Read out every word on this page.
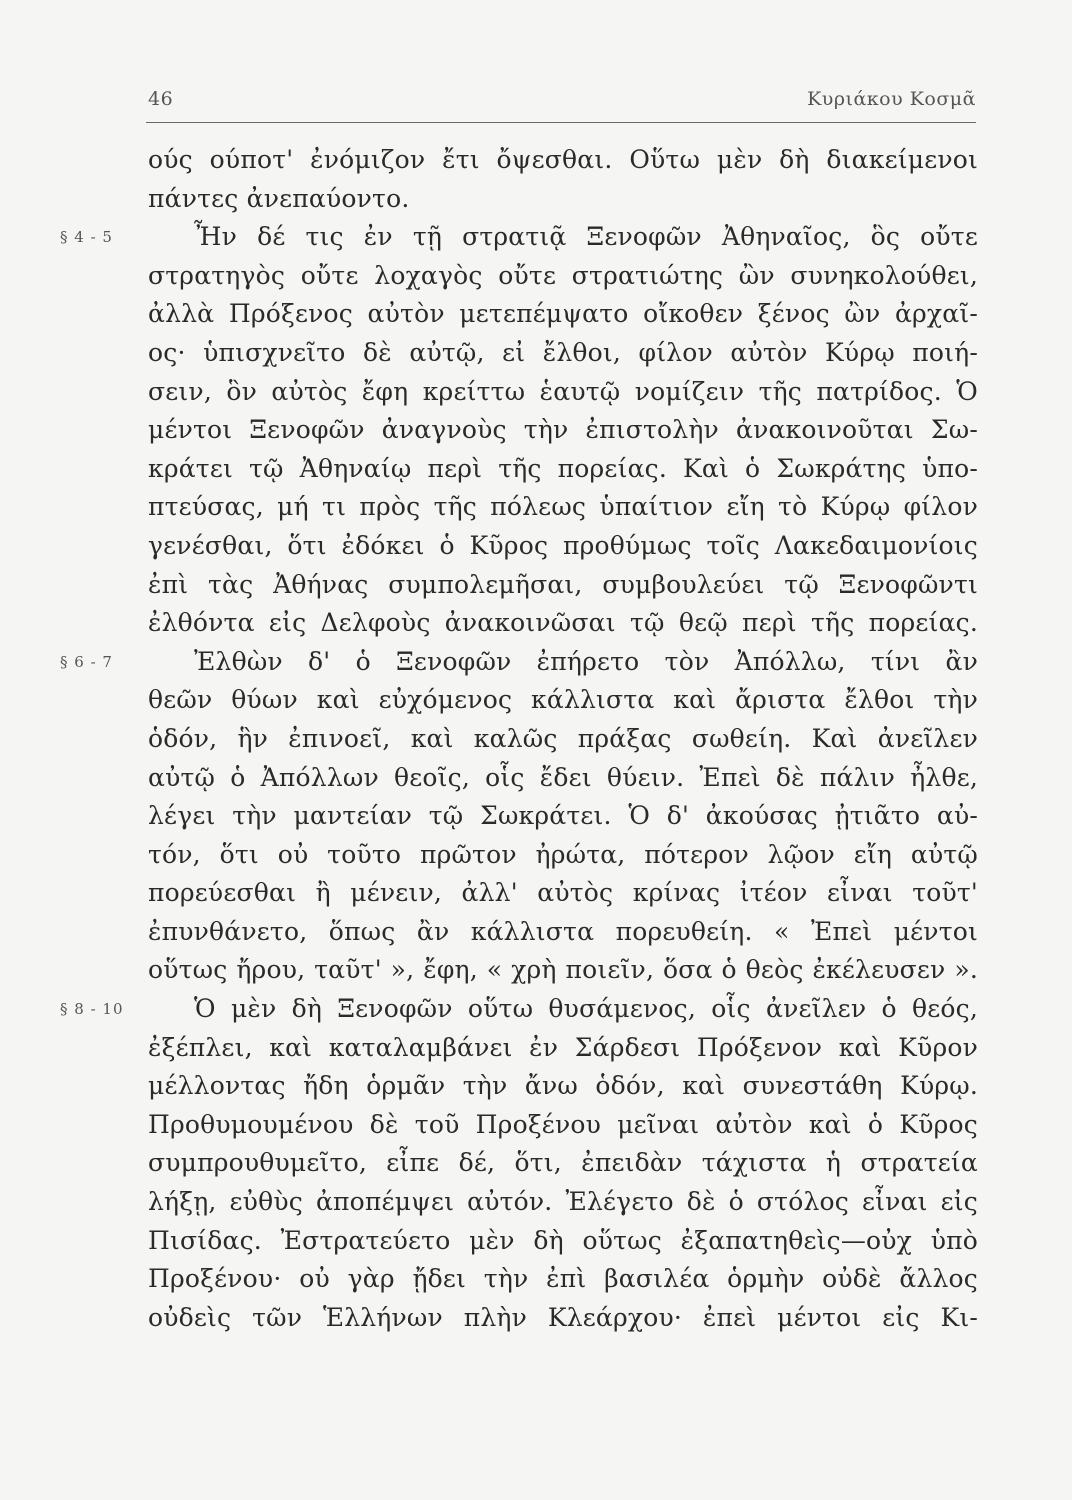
46	Κυριάκου Κοσμᾶ
ούς ούποτ' ἐνόμιζον ἔτι ὄψεσθαι. Οὕτω μὲν δὴ διακείμενοι
πάντες ἀνεπαύοντο.
§ 4 - 5	Ἦν δέ τις ἐν τῇ στρατιᾷ Ξενοφῶν Ἀθηναῖος, ὃς οὔτε
στρατηγὸς οὔτε λοχαγὸς οὔτε στρατιώτης ὢν συνηκολούθει,
ἀλλὰ Πρόξενος αὐτὸν μετεπέμψατο οἴκοθεν ξένος ὢν ἀρχαῖ-
ος· ὑπισχνεῖτο δὲ αὐτῷ, εἰ ἔλθοι, φίλον αὐτὸν Κύρῳ ποιή-
σειν, ὃν αὐτὸς ἔφη κρείττω ἑαυτῷ νομίζειν τῆς πατρίδος. Ὁ
μέντοι Ξενοφῶν ἀναγνοὺς τὴν ἐπιστολὴν ἀνακοινοῦται Σω-
κράτει τῷ Ἀθηναίῳ περὶ τῆς πορείας. Καὶ ὁ Σωκράτης ὑπο-
πτεύσας, μή τι πρὸς τῆς πόλεως ὑπαίτιον εἴη τὸ Κύρῳ φίλον
γενέσθαι, ὅτι ἐδόκει ὁ Κῦρος προθύμως τοῖς Λακεδαιμονίοις
ἐπὶ τὰς Ἀθήνας συμπολεμῆσαι, συμβουλεύει τῷ Ξενοφῶντι
ἐλθόντα εἰς Δελφοὺς ἀνακοινῶσαι τῷ θεῷ περὶ τῆς πορείας.
§ 6 - 7	Ἐλθὼν δ' ὁ Ξενοφῶν ἐπήρετο τὸν Ἀπόλλω, τίνι ἂν
θεῶν θύων καὶ εὐχόμενος κάλλιστα καὶ ἄριστα ἔλθοι τὴν
ὁδόν, ἣν ἐπινοεῖ, καὶ καλῶς πράξας σωθείη. Καὶ ἀνεῖλεν
αὐτῷ ὁ Ἀπόλλων θεοῖς, οἷς ἔδει θύειν. Ἐπεὶ δὲ πάλιν ἦλθε,
λέγει τὴν μαντείαν τῷ Σωκράτει. Ὁ δ' ἀκούσας ᾐτιᾶτο αὐ-
τόν, ὅτι οὐ τοῦτο πρῶτον ἠρώτα, πότερον λῷον εἴη αὐτῷ
πορεύεσθαι ἢ μένειν, ἀλλ' αὐτὸς κρίνας ἰτέον εἶναι τοῦτ'
ἐπυνθάνετο, ὅπως ἂν κάλλιστα πορευθείη. « Ἐπεὶ μέντοι
οὕτως ἤρου, ταῦτ' », ἔφη, « χρὴ ποιεῖν, ὅσα ὁ θεὸς ἐκέλευσεν ».
§ 8 - 10	Ὁ μὲν δὴ Ξενοφῶν οὕτω θυσάμενος, οἷς ἀνεῖλεν ὁ θεός,
ἐξέπλει, καὶ καταλαμβάνει ἐν Σάρδεσι Πρόξενον καὶ Κῦρον
μέλλοντας ἤδη ὁρμᾶν τὴν ἄνω ὁδόν, καὶ συνεστάθη Κύρῳ.
Προθυμουμένου δὲ τοῦ Προξένου μεῖναι αὐτὸν καὶ ὁ Κῦρος
συμπρουθυμεῖτο, εἶπε δέ, ὅτι, ἐπειδὰν τάχιστα ἡ στρατεία
λήξῃ, εὐθὺς ἀποπέμψει αὐτόν. Ἐλέγετο δὲ ὁ στόλος εἶναι εἰς
Πισίδας. Ἐστρατεύετο μὲν δὴ οὕτως ἐξαπατηθεὶς—οὐχ ὑπὸ
Προξένου· οὐ γὰρ ᾔδει τὴν ἐπὶ βασιλέα ὁρμὴν οὐδὲ ἄλλος
οὐδεὶς τῶν Ἑλλήνων πλὴν Κλεάρχου· ἐπεὶ μέντοι εἰς Κι-
